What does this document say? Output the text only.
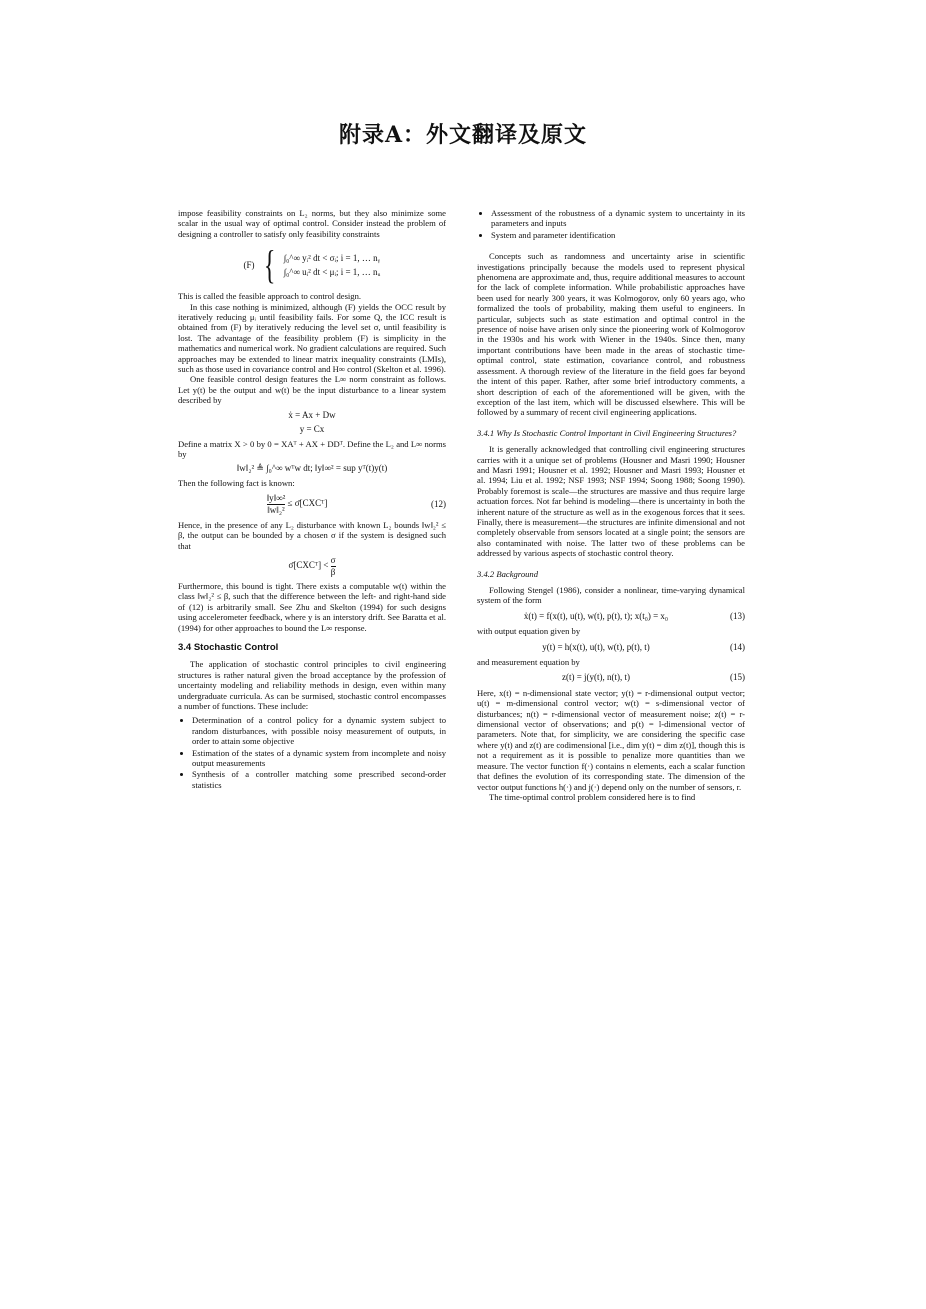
附录A：外文翻译及原文

impose feasibility constraints on L₂ norms, but they also minimize some scalar in the usual way of optimal control. Consider instead the problem of designing a controller to satisfy only feasibility constraints

(F) { ∫₀^∞ yᵢ² dt < σᵢ; i = 1, … nᵧ
∫₀^∞ uᵢ² dt < μᵢ; i = 1, … nᵤ

This is called the feasible approach to control design.

In this case nothing is minimized, although (F) yields the OCC result by iteratively reducing μᵢ until feasibility fails. For some Q, the ICC result is obtained from (F) by iteratively reducing the level set σ, until feasibility is lost. The advantage of the feasibility problem (F) is simplicity in the mathematics and numerical work. No gradient calculations are required. Such approaches may be extended to linear matrix inequality constraints (LMIs), such as those used in covariance control and H∞ control (Skelton et al. 1996).

One feasible control design features the L∞ norm constraint as follows. Let y(t) be the output and w(t) be the input disturbance to a linear system described by

ẋ = Ax + Dw
y = Cx

Define a matrix X > 0 by 0 = XAᵀ + AX + DDᵀ. Define the L₂ and L∞ norms by

‖w‖₂² ≜ ∫₀^∞ wᵀw dt; ‖y‖∞² = sup yᵀ(t)y(t)

Then the following fact is known:

$\frac{\text{‖y‖∞²}}{\text{‖w‖₂²}}$ ≤ σ̄[CXCᵀ]	(12)

Hence, in the presence of any L₂ disturbance with known L₂ bounds ‖w‖₂² ≤ β, the output can be bounded by a chosen σ if the system is designed such that

σ̄[CXCᵀ] < $\frac{\sigma}{\beta}$

Furthermore, this bound is tight. There exists a computable w(t) within the class ‖w‖₂² ≤ β, such that the difference between the left- and right-hand side of (12) is arbitrarily small. See Zhu and Skelton (1994) for such designs using accelerometer feedback, where y is an interstory drift. See Baratta et al. (1994) for other approaches to bound the L∞ response.

3.4 Stochastic Control

The application of stochastic control principles to civil engineering structures is rather natural given the broad acceptance by the profession of uncertainty modeling and reliability methods in design, even within many undergraduate curricula. As can be surmised, stochastic control encompasses a number of functions. These include:

• Determination of a control policy for a dynamic system subject to random disturbances, with possible noisy measurement of outputs, in order to attain some objective
• Estimation of the states of a dynamic system from incomplete and noisy output measurements
• Synthesis of a controller matching some prescribed second-order statistics
• Assessment of the robustness of a dynamic system to uncertainty in its parameters and inputs
• System and parameter identification

Concepts such as randomness and uncertainty arise in scientific investigations principally because the models used to represent physical phenomena are approximate and, thus, require additional measures to account for the lack of complete information. While probabilistic approaches have been used for nearly 300 years, it was Kolmogorov, only 60 years ago, who formalized the tools of probability, making them useful to engineers. In particular, subjects such as state estimation and optimal control in the presence of noise have arisen only since the pioneering work of Kolmogorov in the 1930s and his work with Wiener in the 1940s. Since then, many important contributions have been made in the areas of stochastic time-optimal control, state estimation, covariance control, and robustness assessment. A thorough review of the literature in the field goes far beyond the intent of this paper. Rather, after some brief introductory comments, a short description of each of the aforementioned will be given, with the exception of the last item, which will be discussed elsewhere. This will be followed by a summary of recent civil engineering applications.

3.4.1 Why Is Stochastic Control Important in Civil Engineering Structures?

It is generally acknowledged that controlling civil engineering structures carries with it a unique set of problems (Housner and Masri 1990; Housner and Masri 1991; Housner et al. 1992; Housner and Masri 1993; Housner et al. 1994; Liu et al. 1992; NSF 1993; NSF 1994; Soong 1988; Soong 1990). Probably foremost is scale—the structures are massive and thus require large actuation forces. Not far behind is modeling—there is uncertainty in both the inherent nature of the structure as well as in the exogenous forces that it sees. Finally, there is measurement—the structures are infinite dimensional and not completely observable from sensors located at a single point; the sensors are also contaminated with noise. The latter two of these problems can be addressed by various aspects of stochastic control theory.

3.4.2 Background

Following Stengel (1986), consider a nonlinear, time-varying dynamical system of the form

ẋ(t) = f(x(t), u(t), w(t), p(t), t); x(t₀) = x₀	(13)

with output equation given by

y(t) = h(x(t), u(t), w(t), p(t), t)	(14)

and measurement equation by

z(t) = j(y(t), n(t), t)	(15)

Here, x(t) = n-dimensional state vector; y(t) = r-dimensional output vector; u(t) = m-dimensional control vector; w(t) = s-dimensional vector of disturbances; n(t) = r-dimensional vector of measurement noise; z(t) = r-dimensional vector of observations; and p(t) = l-dimensional vector of parameters. Note that, for simplicity, we are considering the specific case where y(t) and z(t) are codimensional [i.e., dim y(t) = dim z(t)], though this is not a requirement as it is possible to penalize more quantities than we measure. The vector function f(·) contains n elements, each a scalar function that defines the evolution of its corresponding state. The dimension of the vector output functions h(·) and j(·) depend only on the number of sensors, r.

The time-optimal control problem considered here is to find
